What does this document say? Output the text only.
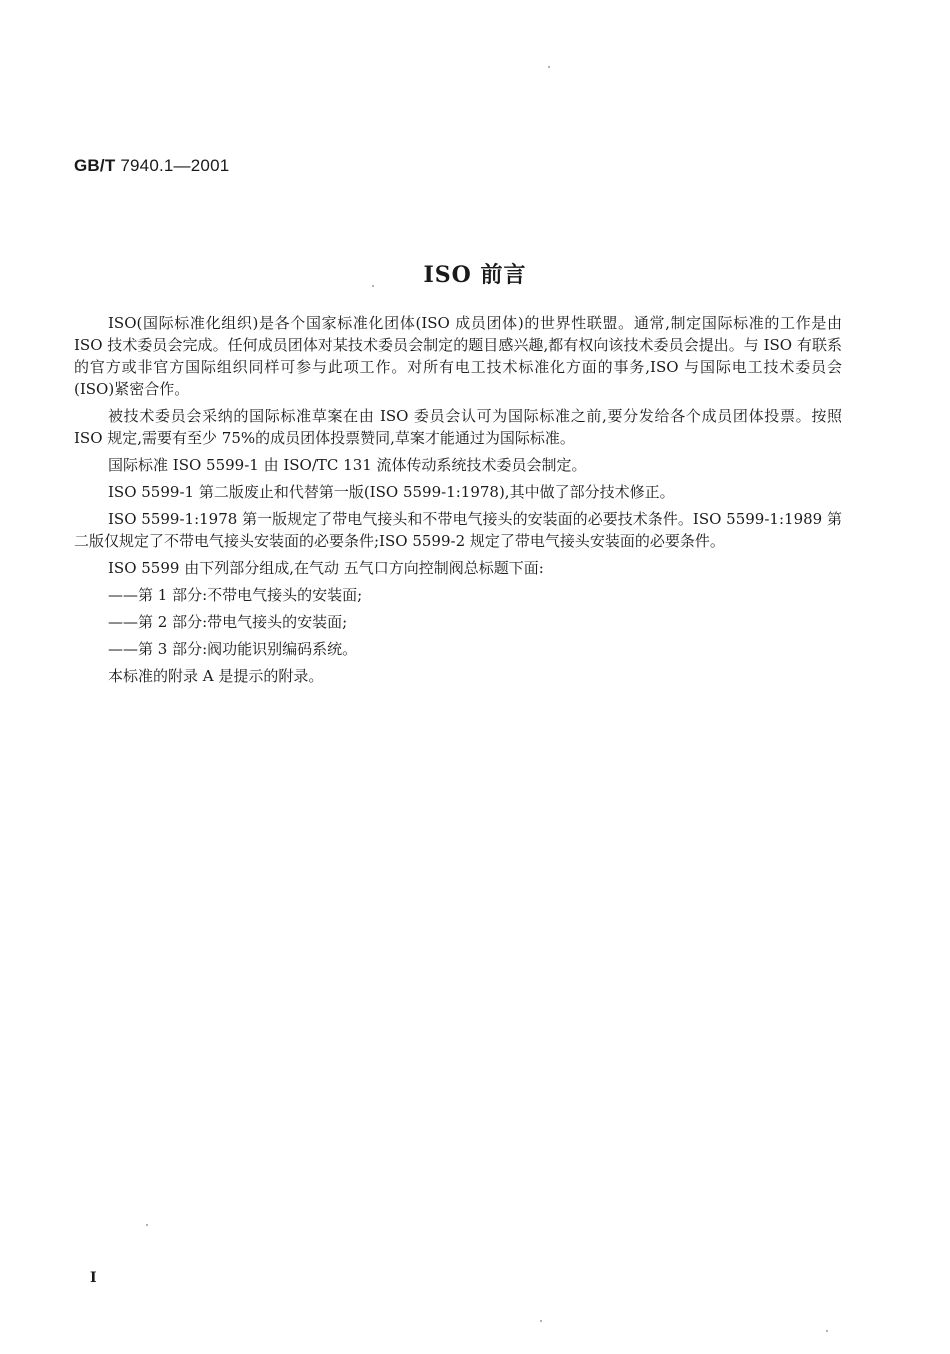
GB/T 7940.1—2001
ISO 前言

ISO(国际标准化组织)是各个国家标准化团体(ISO 成员团体)的世界性联盟。通常,制定国际标准的工作是由 ISO 技术委员会完成。任何成员团体对某技术委员会制定的题目感兴趣,都有权向该技术委员会提出。与 ISO 有联系的官方或非官方国际组织同样可参与此项工作。对所有电工技术标准化方面的事务,ISO 与国际电工技术委员会(ISO)紧密合作。

被技术委员会采纳的国际标准草案在由 ISO 委员会认可为国际标准之前,要分发给各个成员团体投票。按照 ISO 规定,需要有至少 75%的成员团体投票赞同,草案才能通过为国际标准。

国际标准 ISO 5599-1 由 ISO/TC 131 流体传动系统技术委员会制定。

ISO 5599-1 第二版废止和代替第一版(ISO 5599-1:1978),其中做了部分技术修正。

ISO 5599-1:1978 第一版规定了带电气接头和不带电气接头的安装面的必要技术条件。ISO 5599-1:1989 第二版仅规定了不带电气接头安装面的必要条件;ISO 5599-2 规定了带电气接头安装面的必要条件。

ISO 5599 由下列部分组成,在气动 五气口方向控制阀总标题下面:

——第 1 部分:不带电气接头的安装面;
——第 2 部分:带电气接头的安装面;
——第 3 部分:阀功能识别编码系统。
本标准的附录 A 是提示的附录。
I
